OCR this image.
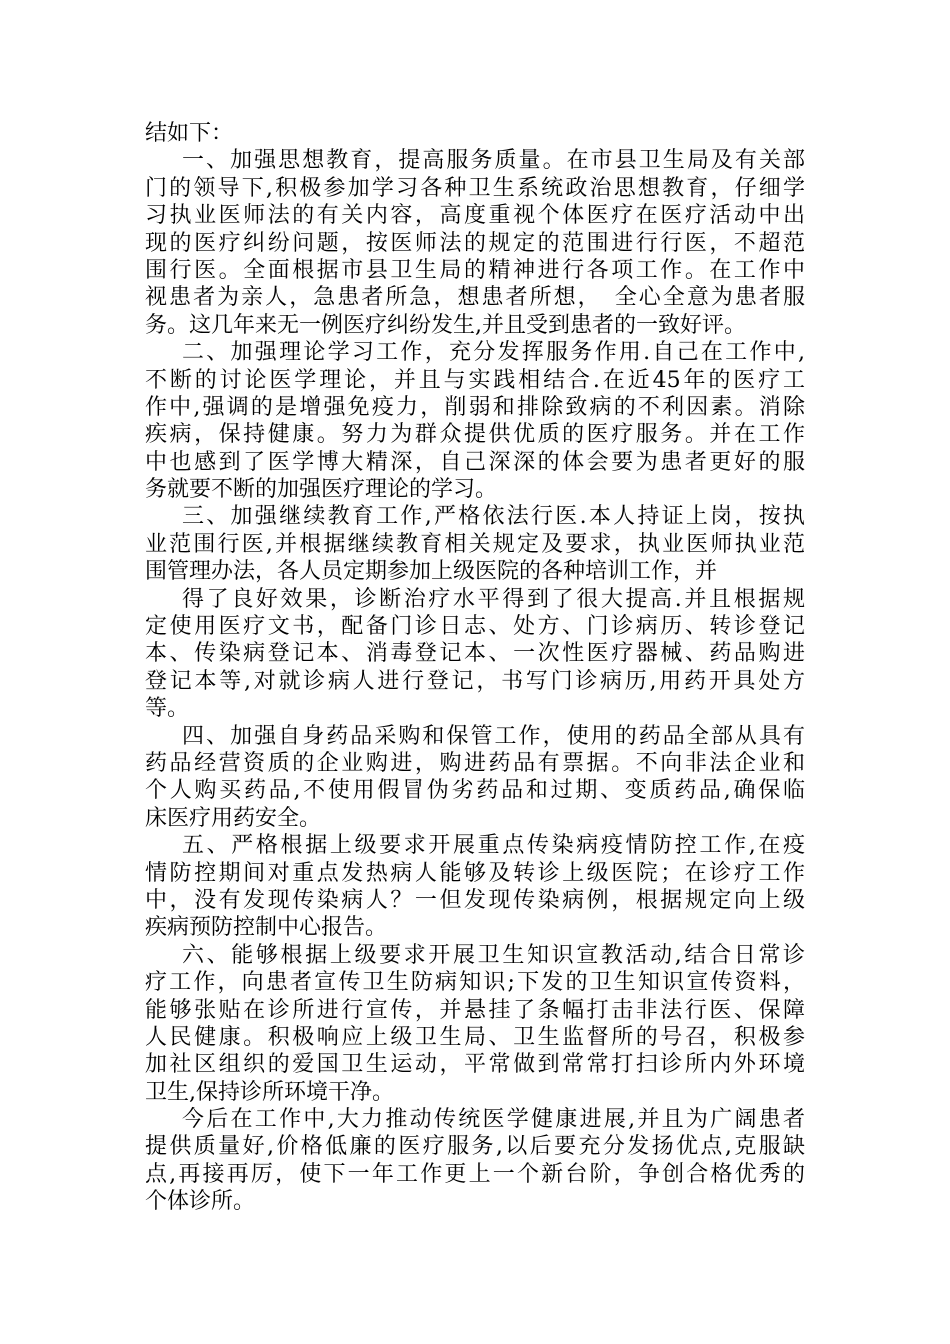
结如下：
一、加强思想教育，提高服务质量。在市县卫生局及有关部
门的领导下,积极参加学习各种卫生系统政治思想教育，仔细学
习执业医师法的有关内容，高度重视个体医疗在医疗活动中出
现的医疗纠纷问题，按医师法的规定的范围进行行医，不超范
围行医。全面根据市县卫生局的精神进行各项工作。在工作中
视患者为亲人，急患者所急，想患者所想，　全心全意为患者服
务。这几年来无一例医疗纠纷发生,并且受到患者的一致好评。
二、加强理论学习工作，充分发挥服务作用.自己在工作中,
不断的讨论医学理论，并且与实践相结合.在近45年的医疗工
作中,强调的是增强免疫力，削弱和排除致病的不利因素。消除
疾病，保持健康。努力为群众提供优质的医疗服务。并在工作
中也感到了医学博大精深，自己深深的体会要为患者更好的服
务就要不断的加强医疗理论的学习。
三、加强继续教育工作,严格依法行医.本人持证上岗，按执
业范围行医,并根据继续教育相关规定及要求，执业医师执业范
围管理办法，各人员定期参加上级医院的各种培训工作，并
得了良好效果，诊断治疗水平得到了很大提高.并且根据规
定使用医疗文书，配备门诊日志、处方、门诊病历、转诊登记
本、传染病登记本、消毒登记本、一次性医疗器械、药品购进
登记本等,对就诊病人进行登记，书写门诊病历,用药开具处方
等。
四、加强自身药品采购和保管工作，使用的药品全部从具有
药品经营资质的企业购进，购进药品有票据。不向非法企业和
个人购买药品,不使用假冒伪劣药品和过期、变质药品,确保临
床医疗用药安全。
五、严格根据上级要求开展重点传染病疫情防控工作,在疫
情防控期间对重点发热病人能够及转诊上级医院；在诊疗工作
中，没有发现传染病人？一但发现传染病例，根据规定向上级
疾病预防控制中心报告。
六、能够根据上级要求开展卫生知识宣教活动,结合日常诊
疗工作，向患者宣传卫生防病知识;下发的卫生知识宣传资料，
能够张贴在诊所进行宣传，并悬挂了条幅打击非法行医、保障
人民健康。积极响应上级卫生局、卫生监督所的号召，积极参
加社区组织的爱国卫生运动，平常做到常常打扫诊所内外环境
卫生,保持诊所环境干净。
今后在工作中,大力推动传统医学健康进展,并且为广阔患者
提供质量好,价格低廉的医疗服务,以后要充分发扬优点,克服缺
点,再接再厉，使下一年工作更上一个新台阶，争创合格优秀的
个体诊所。
